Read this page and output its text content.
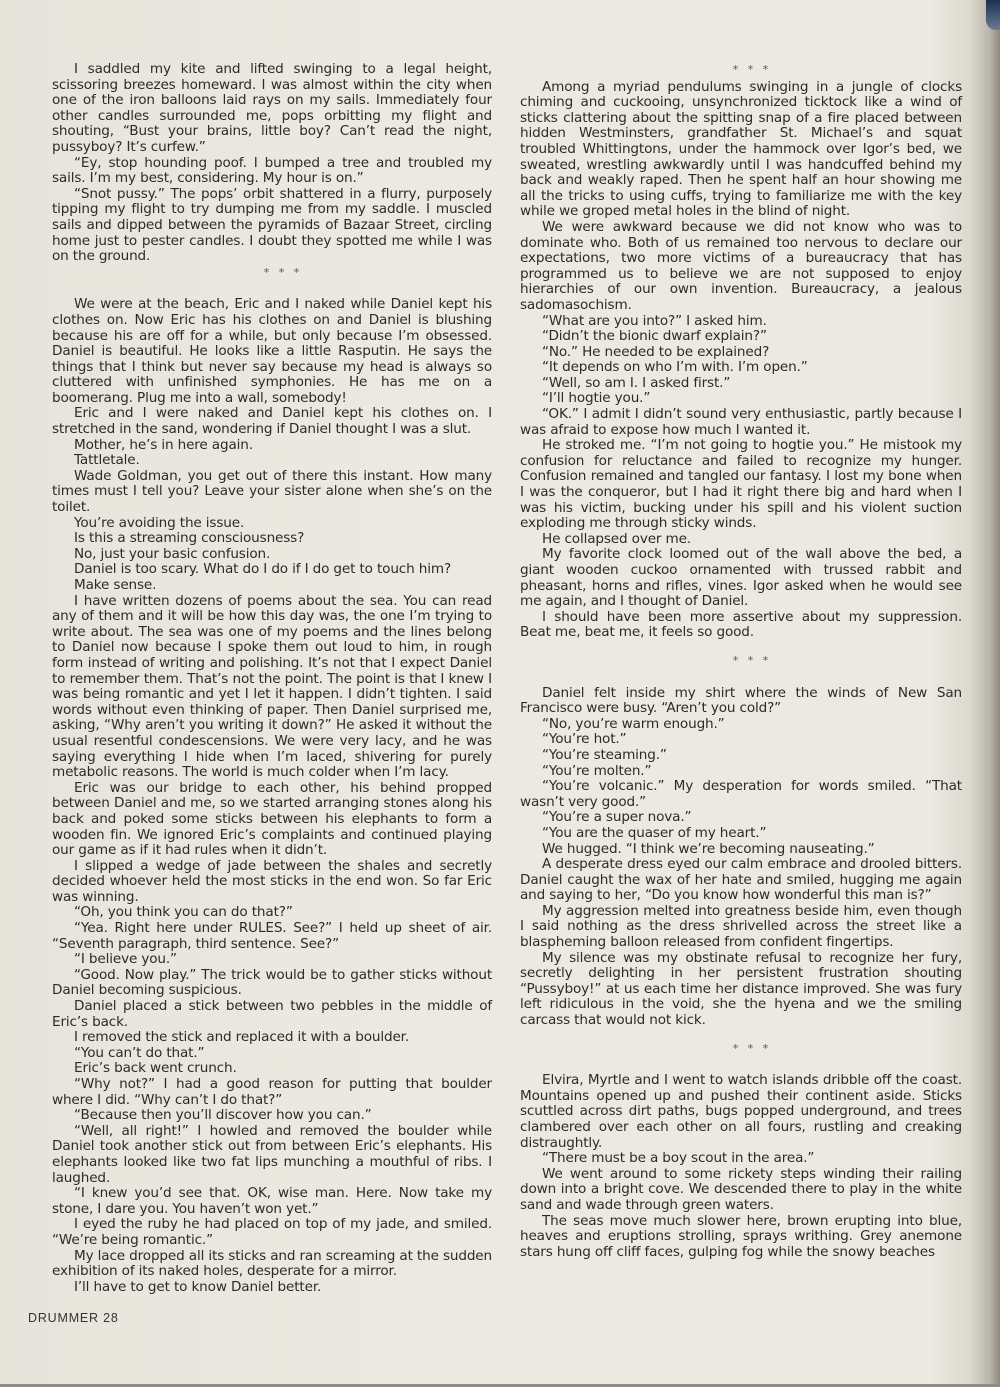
I saddled my kite and lifted swinging to a legal height, scissoring breezes homeward. I was almost within the city when one of the iron balloons laid rays on my sails. Immediately four other candles surrounded me, pops orbitting my flight and shouting, “Bust your brains, little boy? Can’t read the night, pussyboy? It’s curfew.”

“Ey, stop hounding poof. I bumped a tree and troubled my sails. I’m my best, considering. My hour is on.”

“Snot pussy.” The pops’ orbit shattered in a flurry, purposely tipping my flight to try dumping me from my saddle. I muscled sails and dipped between the pyramids of Bazaar Street, circling home just to pester candles. I doubt they spotted me while I was on the ground.

* * *

We were at the beach, Eric and I naked while Daniel kept his clothes on. Now Eric has his clothes on and Daniel is blushing because his are off for a while, but only because I’m obsessed. Daniel is beautiful. He looks like a little Rasputin. He says the things that I think but never say because my head is always so cluttered with unfinished symphonies. He has me on a boomerang. Plug me into a wall, somebody!

Eric and I were naked and Daniel kept his clothes on. I stretched in the sand, wondering if Daniel thought I was a slut.

Mother, he’s in here again.

Tattletale.

Wade Goldman, you get out of there this instant. How many times must I tell you? Leave your sister alone when she’s on the toilet.

You’re avoiding the issue.

Is this a streaming consciousness?

No, just your basic confusion.

Daniel is too scary. What do I do if I do get to touch him?

Make sense.

I have written dozens of poems about the sea. You can read any of them and it will be how this day was, the one I’m trying to write about. The sea was one of my poems and the lines belong to Daniel now because I spoke them out loud to him, in rough form instead of writing and polishing. It’s not that I expect Daniel to remember them. That’s not the point. The point is that I knew I was being romantic and yet I let it happen. I didn’t tighten. I said words without even thinking of paper. Then Daniel surprised me, asking, “Why aren’t you writing it down?” He asked it without the usual resentful condescensions. We were very lacy, and he was saying everything I hide when I’m laced, shivering for purely metabolic reasons. The world is much colder when I’m lacy.

Eric was our bridge to each other, his behind propped between Daniel and me, so we started arranging stones along his back and poked some sticks between his elephants to form a wooden fin. We ignored Eric’s complaints and continued playing our game as if it had rules when it didn’t.

I slipped a wedge of jade between the shales and secretly decided whoever held the most sticks in the end won. So far Eric was winning.

“Oh, you think you can do that?”

“Yea. Right here under RULES. See?” I held up sheet of air. “Seventh paragraph, third sentence. See?”

“I believe you.”

“Good. Now play.” The trick would be to gather sticks without Daniel becoming suspicious.

Daniel placed a stick between two pebbles in the middle of Eric’s back.

I removed the stick and replaced it with a boulder.

“You can’t do that.”

Eric’s back went crunch.

“Why not?” I had a good reason for putting that boulder where I did. “Why can’t I do that?”

“Because then you’ll discover how you can.”

“Well, all right!” I howled and removed the boulder while Daniel took another stick out from between Eric’s elephants. His elephants looked like two fat lips munching a mouthful of ribs. I laughed.

“I knew you’d see that. OK, wise man. Here. Now take my stone, I dare you. You haven’t won yet.”

I eyed the ruby he had placed on top of my jade, and smiled. “We’re being romantic.”

My lace dropped all its sticks and ran screaming at the sudden exhibition of its naked holes, desperate for a mirror.

I’ll have to get to know Daniel better.

* * *

Among a myriad pendulums swinging in a jungle of clocks chiming and cuckooing, unsynchronized ticktock like a wind of sticks clattering about the spitting snap of a fire placed between hidden Westminsters, grandfather St. Michael’s and squat troubled Whittingtons, under the hammock over Igor’s bed, we sweated, wrestling awkwardly until I was handcuffed behind my back and weakly raped. Then he spent half an hour showing me all the tricks to using cuffs, trying to familiarize me with the key while we groped metal holes in the blind of night.

We were awkward because we did not know who was to dominate who. Both of us remained too nervous to declare our expectations, two more victims of a bureaucracy that has programmed us to believe we are not supposed to enjoy hierarchies of our own invention. Bureaucracy, a jealous sadomasochism.

“What are you into?” I asked him.

“Didn’t the bionic dwarf explain?”

“No.” He needed to be explained?

“It depends on who I’m with. I’m open.”

“Well, so am I. I asked first.”

“I’ll hogtie you.”

“OK.” I admit I didn’t sound very enthusiastic, partly because I was afraid to expose how much I wanted it.

He stroked me. “I’m not going to hogtie you.” He mistook my confusion for reluctance and failed to recognize my hunger. Confusion remained and tangled our fantasy. I lost my bone when I was the conqueror, but I had it right there big and hard when I was his victim, bucking under his spill and his violent suction exploding me through sticky winds.

He collapsed over me.

My favorite clock loomed out of the wall above the bed, a giant wooden cuckoo ornamented with trussed rabbit and pheasant, horns and rifles, vines. Igor asked when he would see me again, and I thought of Daniel.

I should have been more assertive about my suppression. Beat me, beat me, it feels so good.

* * *

Daniel felt inside my shirt where the winds of New San Francisco were busy. “Aren’t you cold?”

“No, you’re warm enough.”

“You’re hot.”

“You’re steaming.”

“You’re molten.”

“You’re volcanic.” My desperation for words smiled. “That wasn’t very good.”

“You’re a super nova.”

“You are the quaser of my heart.”

We hugged. “I think we’re becoming nauseating.”

A desperate dress eyed our calm embrace and drooled bitters. Daniel caught the wax of her hate and smiled, hugging me again and saying to her, “Do you know how wonderful this man is?”

My aggression melted into greatness beside him, even though I said nothing as the dress shrivelled across the street like a blaspheming balloon released from confident fingertips.

My silence was my obstinate refusal to recognize her fury, secretly delighting in her persistent frustration shouting “Pussyboy!” at us each time her distance improved. She was fury left ridiculous in the void, she the hyena and we the smiling carcass that would not kick.

* * *

Elvira, Myrtle and I went to watch islands dribble off the coast. Mountains opened up and pushed their continent aside. Sticks scuttled across dirt paths, bugs popped underground, and trees clambered over each other on all fours, rustling and creaking distraughtly.

“There must be a boy scout in the area.”

We went around to some rickety steps winding their railing down into a bright cove. We descended there to play in the white sand and wade through green waters.

The seas move much slower here, brown erupting into blue, heaves and eruptions strolling, sprays writhing. Grey anemone stars hung off cliff faces, gulping fog while the snowy beaches

DRUMMER 28
